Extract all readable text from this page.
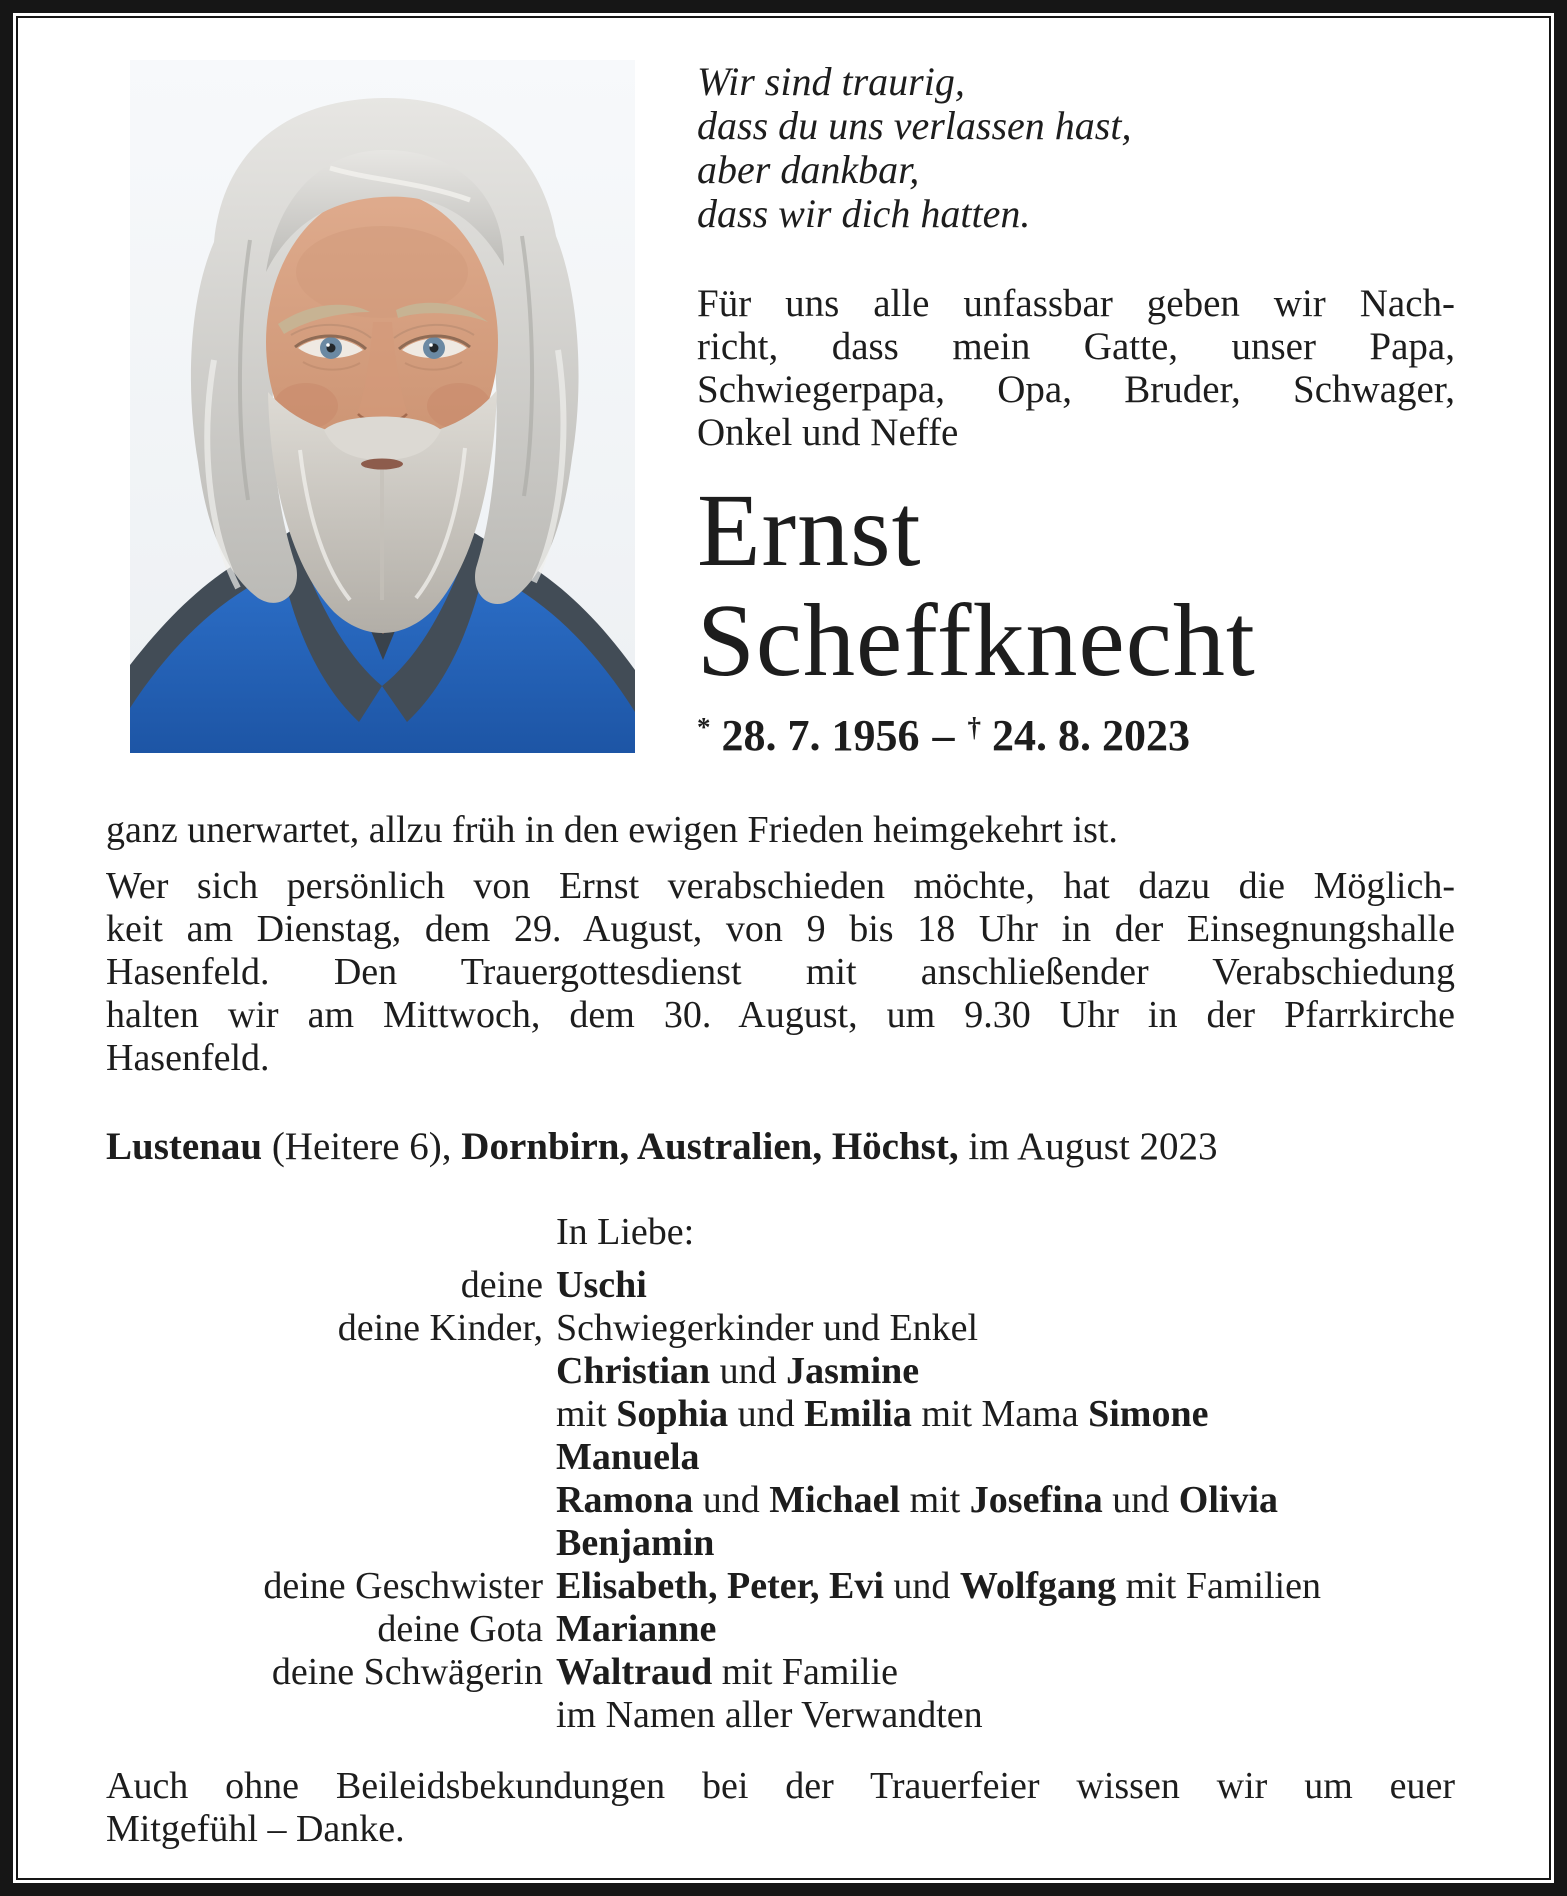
Wir sind traurig,
dass du uns verlassen hast,
aber dankbar,
dass wir dich hatten.
Für uns alle unfassbar geben wir Nach-
richt, dass mein Gatte, unser Papa,
Schwiegerpapa, Opa, Bruder, Schwager,
Onkel und Neffe
Ernst
Scheffknecht
* 28. 7. 1956 – † 24. 8. 2023
ganz unerwartet, allzu früh in den ewigen Frieden heimgekehrt ist.
Wer sich persönlich von Ernst verabschieden möchte, hat dazu die Möglich-
keit am Dienstag, dem 29. August, von 9 bis 18 Uhr in der Einsegnungshalle
Hasenfeld. Den Trauergottesdienst mit anschließender Verabschiedung
halten wir am Mittwoch, dem 30. August, um 9.30 Uhr in der Pfarrkirche
Hasenfeld.
Lustenau (Heitere 6), Dornbirn, Australien, Höchst, im August 2023
In Liebe:
deine Uschi
deine Kinder, Schwiegerkinder und Enkel
Christian und Jasmine
mit Sophia und Emilia mit Mama Simone
Manuela
Ramona und Michael mit Josefina und Olivia
Benjamin
deine Geschwister Elisabeth, Peter, Evi und Wolfgang mit Familien
deine Gota Marianne
deine Schwägerin Waltraud mit Familie
im Namen aller Verwandten
Auch ohne Beileidsbekundungen bei der Trauerfeier wissen wir um euer
Mitgefühl – Danke.
